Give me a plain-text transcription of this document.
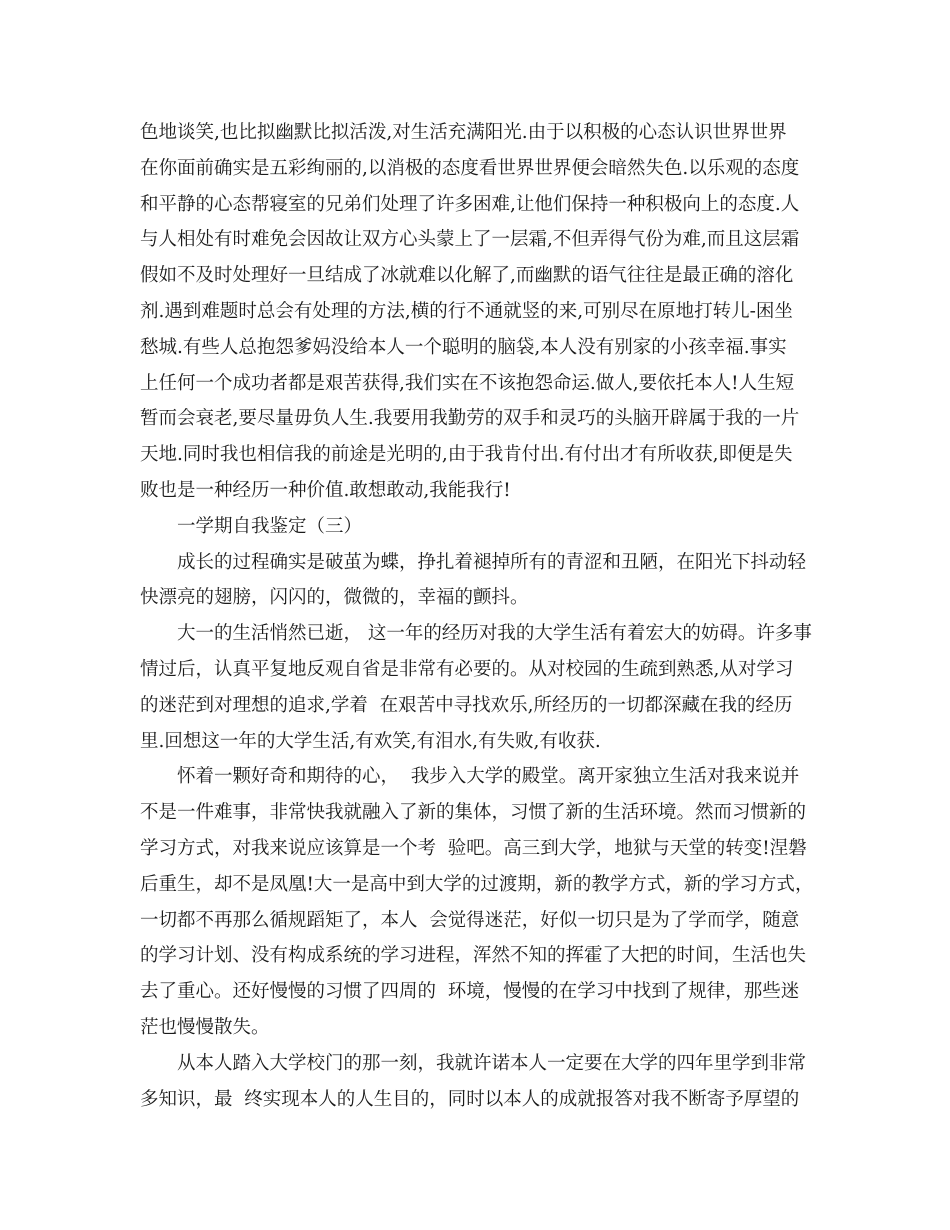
色地谈笑,也比拟幽默比拟活泼,对生活充满阳光.由于以积极的心态认识世界世界
在你面前确实是五彩绚丽的,以消极的态度看世界世界便会暗然失色.以乐观的态度
和平静的心态帮寝室的兄弟们处理了许多困难,让他们保持一种积极向上的态度.人
与人相处有时难免会因故让双方心头蒙上了一层霜,不但弄得气份为难,而且这层霜
假如不及时处理好一旦结成了冰就难以化解了,而幽默的语气往往是最正确的溶化
剂.遇到难题时总会有处理的方法,横的行不通就竖的来,可别尽在原地打转儿-困坐
愁城.有些人总抱怨爹妈没给本人一个聪明的脑袋,本人没有别家的小孩幸福.事实
上任何一个成功者都是艰苦获得,我们实在不该抱怨命运.做人,要依托本人!人生短
暂而会衰老,要尽量毋负人生.我要用我勤劳的双手和灵巧的头脑开辟属于我的一片
天地.同时我也相信我的前途是光明的,由于我肯付出.有付出才有所收获,即便是失
败也是一种经历一种价值.敢想敢动,我能我行!
一学期自我鉴定（三）
成长的过程确实是破茧为蝶，挣扎着褪掉所有的青涩和丑陋，在阳光下抖动轻
快漂亮的翅膀，闪闪的，微微的，幸福的颤抖。
大一的生活悄然已逝， 这一年的经历对我的大学生活有着宏大的妨碍。许多事
情过后，认真平复地反观自省是非常有必要的。从对校园的生疏到熟悉,从对学习
的迷茫到对理想的追求,学着  在艰苦中寻找欢乐,所经历的一切都深藏在我的经历
里.回想这一年的大学生活,有欢笑,有泪水,有失败,有收获.
怀着一颗好奇和期待的心，  我步入大学的殿堂。离开家独立生活对我来说并
不是一件难事，非常快我就融入了新的集体，习惯了新的生活环境。然而习惯新的
学习方式，对我来说应该算是一个考  验吧。高三到大学，地狱与天堂的转变!涅磐
后重生，却不是凤凰!大一是高中到大学的过渡期，新的教学方式，新的学习方式，
一切都不再那么循规蹈矩了，本人  会觉得迷茫，好似一切只是为了学而学，随意
的学习计划、没有构成系统的学习进程，浑然不知的挥霍了大把的时间，生活也失
去了重心。还好慢慢的习惯了四周的  环境，慢慢的在学习中找到了规律，那些迷
茫也慢慢散失。
从本人踏入大学校门的那一刻，我就许诺本人一定要在大学的四年里学到非常
多知识，最  终实现本人的人生目的，同时以本人的成就报答对我不断寄予厚望的
